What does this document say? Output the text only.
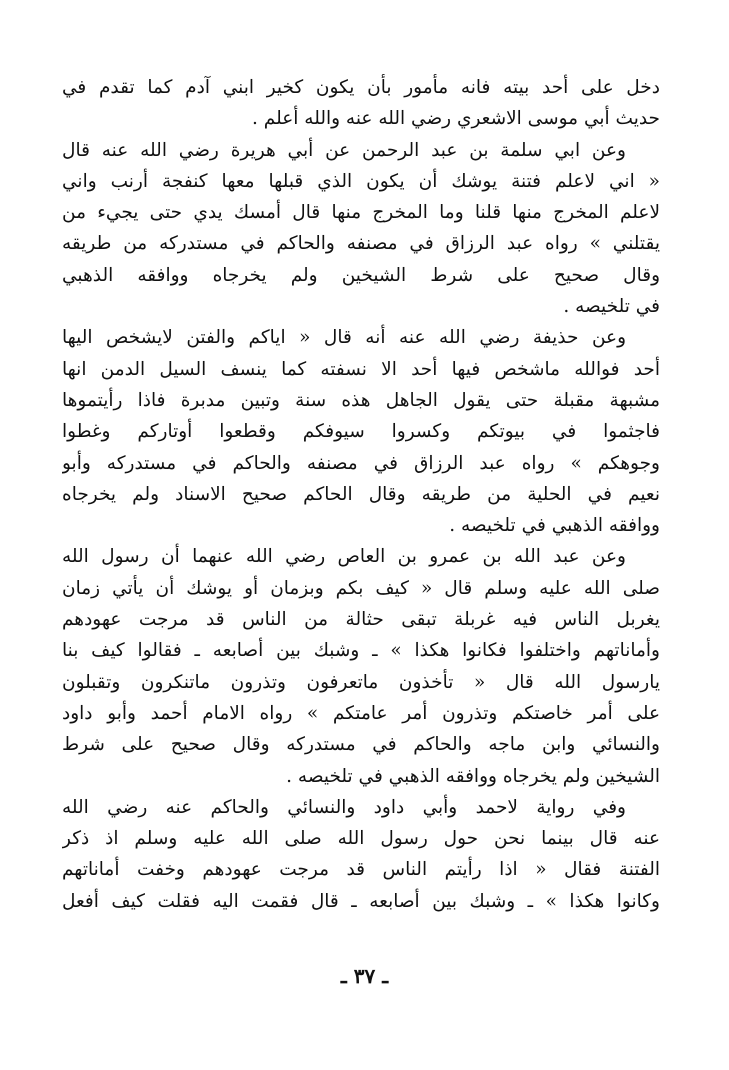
دخل على أحد بيته فانه مأمور بأن يكون كخير ابني آدم كما تقدم في
حديث أبي موسى الاشعري رضي الله عنه والله أعلم .
وعن ابي سلمة بن عبد الرحمن عن أبي هريرة رضي الله عنه قال
« اني لاعلم فتنة يوشك أن يكون الذي قبلها معها كنفجة أرنب واني
لاعلم المخرج منها قلنا وما المخرج منها قال أمسك يدي حتى يجيء من
يقتلني » رواه عبد الرزاق في مصنفه والحاكم في مستدركه من طريقه
وقال صحيح على شرط الشيخين ولم يخرجاه ووافقه الذهبي
في تلخيصه .
وعن حذيفة رضي الله عنه أنه قال « اياكم والفتن لايشخص اليها
أحد فوالله ماشخص فيها أحد الا نسفته كما ينسف السيل الدمن انها
مشبهة مقبلة حتى يقول الجاهل هذه سنة وتبين مدبرة فاذا رأيتموها
فاجثموا في بيوتكم وكسروا سيوفكم وقطعوا أوتاركم وغطوا
وجوهكم » رواه عبد الرزاق في مصنفه والحاكم في مستدركه وأبو
نعيم في الحلية من طريقه وقال الحاكم صحيح الاسناد ولم يخرجاه
ووافقه الذهبي في تلخيصه .
وعن عبد الله بن عمرو بن العاص رضي الله عنهما أن رسول الله
صلى الله عليه وسلم قال « كيف بكم وبزمان أو يوشك أن يأتي زمان
يغربل الناس فيه غربلة تبقى حثالة من الناس قد مرجت عهودهم
وأماناتهم واختلفوا فكانوا هكذا » ـ وشبك بين أصابعه ـ فقالوا كيف بنا
يارسول الله قال « تأخذون ماتعرفون وتذرون ماتنكرون وتقبلون
على أمر خاصتكم وتذرون أمر عامتكم » رواه الامام أحمد وأبو داود
والنسائي وابن ماجه والحاكم في مستدركه وقال صحيح على شرط
الشيخين ولم يخرجاه ووافقه الذهبي في تلخيصه .
وفي رواية لاحمد وأبي داود والنسائي والحاكم عنه رضي الله
عنه قال بينما نحن حول رسول الله صلى الله عليه وسلم اذ ذكر
الفتنة فقال « اذا رأيتم الناس قد مرجت عهودهم وخفت أماناتهم
وكانوا هكذا » ـ وشبك بين أصابعه ـ قال فقمت اليه فقلت كيف أفعل
ـ ٣٧ ـ
